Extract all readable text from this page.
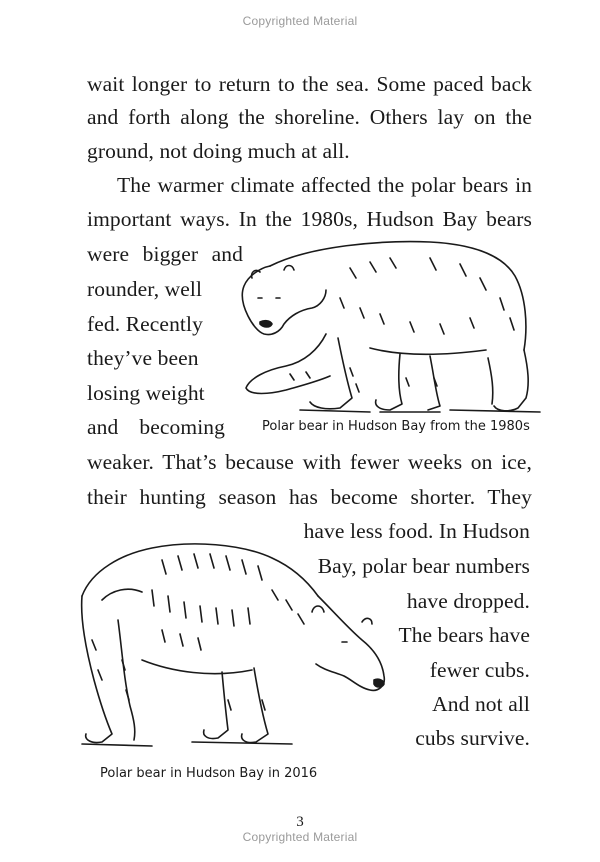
Copyrighted Material
wait longer to return to the sea. Some paced back
and forth along the shoreline. Others lay on the
ground, not doing much at all.
The warmer climate affected the polar bears in
important ways. In the 1980s, Hudson Bay bears
were bigger and
rounder, well
fed. Recently
they’ve been
losing weight
and becoming
weaker. That’s because with fewer weeks on ice,
their hunting season has become shorter. They
have less food. In Hudson
Bay, polar bear numbers
have dropped.
The bears have
fewer cubs.
And not all
cubs survive.
Polar bear in Hudson Bay from the 1980s
Polar bear in Hudson Bay in 2016
3
Copyrighted Material
